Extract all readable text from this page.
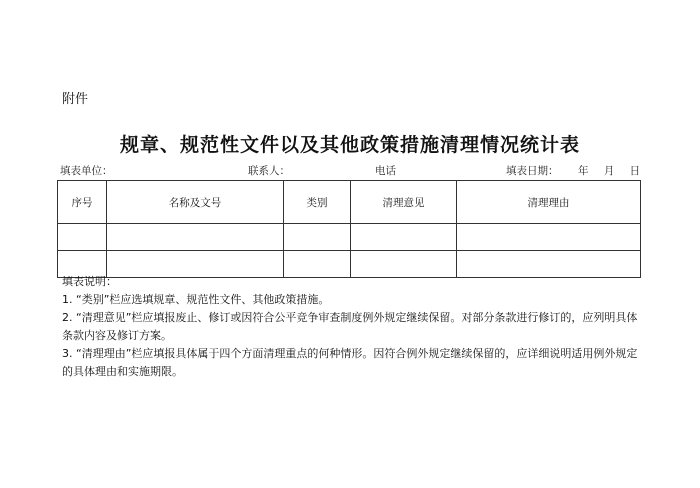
附件
规章、规范性文件以及其他政策措施清理情况统计表
填表单位：	联系人：	电话	填表日期： 年 月 日
序号	名称及文号	类别	清理意见	清理理由

填表说明：

1. “类别”栏应选填规章、规范性文件、其他政策措施。

2. “清理意见”栏应填报废止、修订或因符合公平竞争审查制度例外规定继续保留。对部分条款进行修订的，应列明具体条款内容及修订方案。

3. “清理理由”栏应填报具体属于四个方面清理重点的何种情形。因符合例外规定继续保留的，应详细说明适用例外规定的具体理由和实施期限。
